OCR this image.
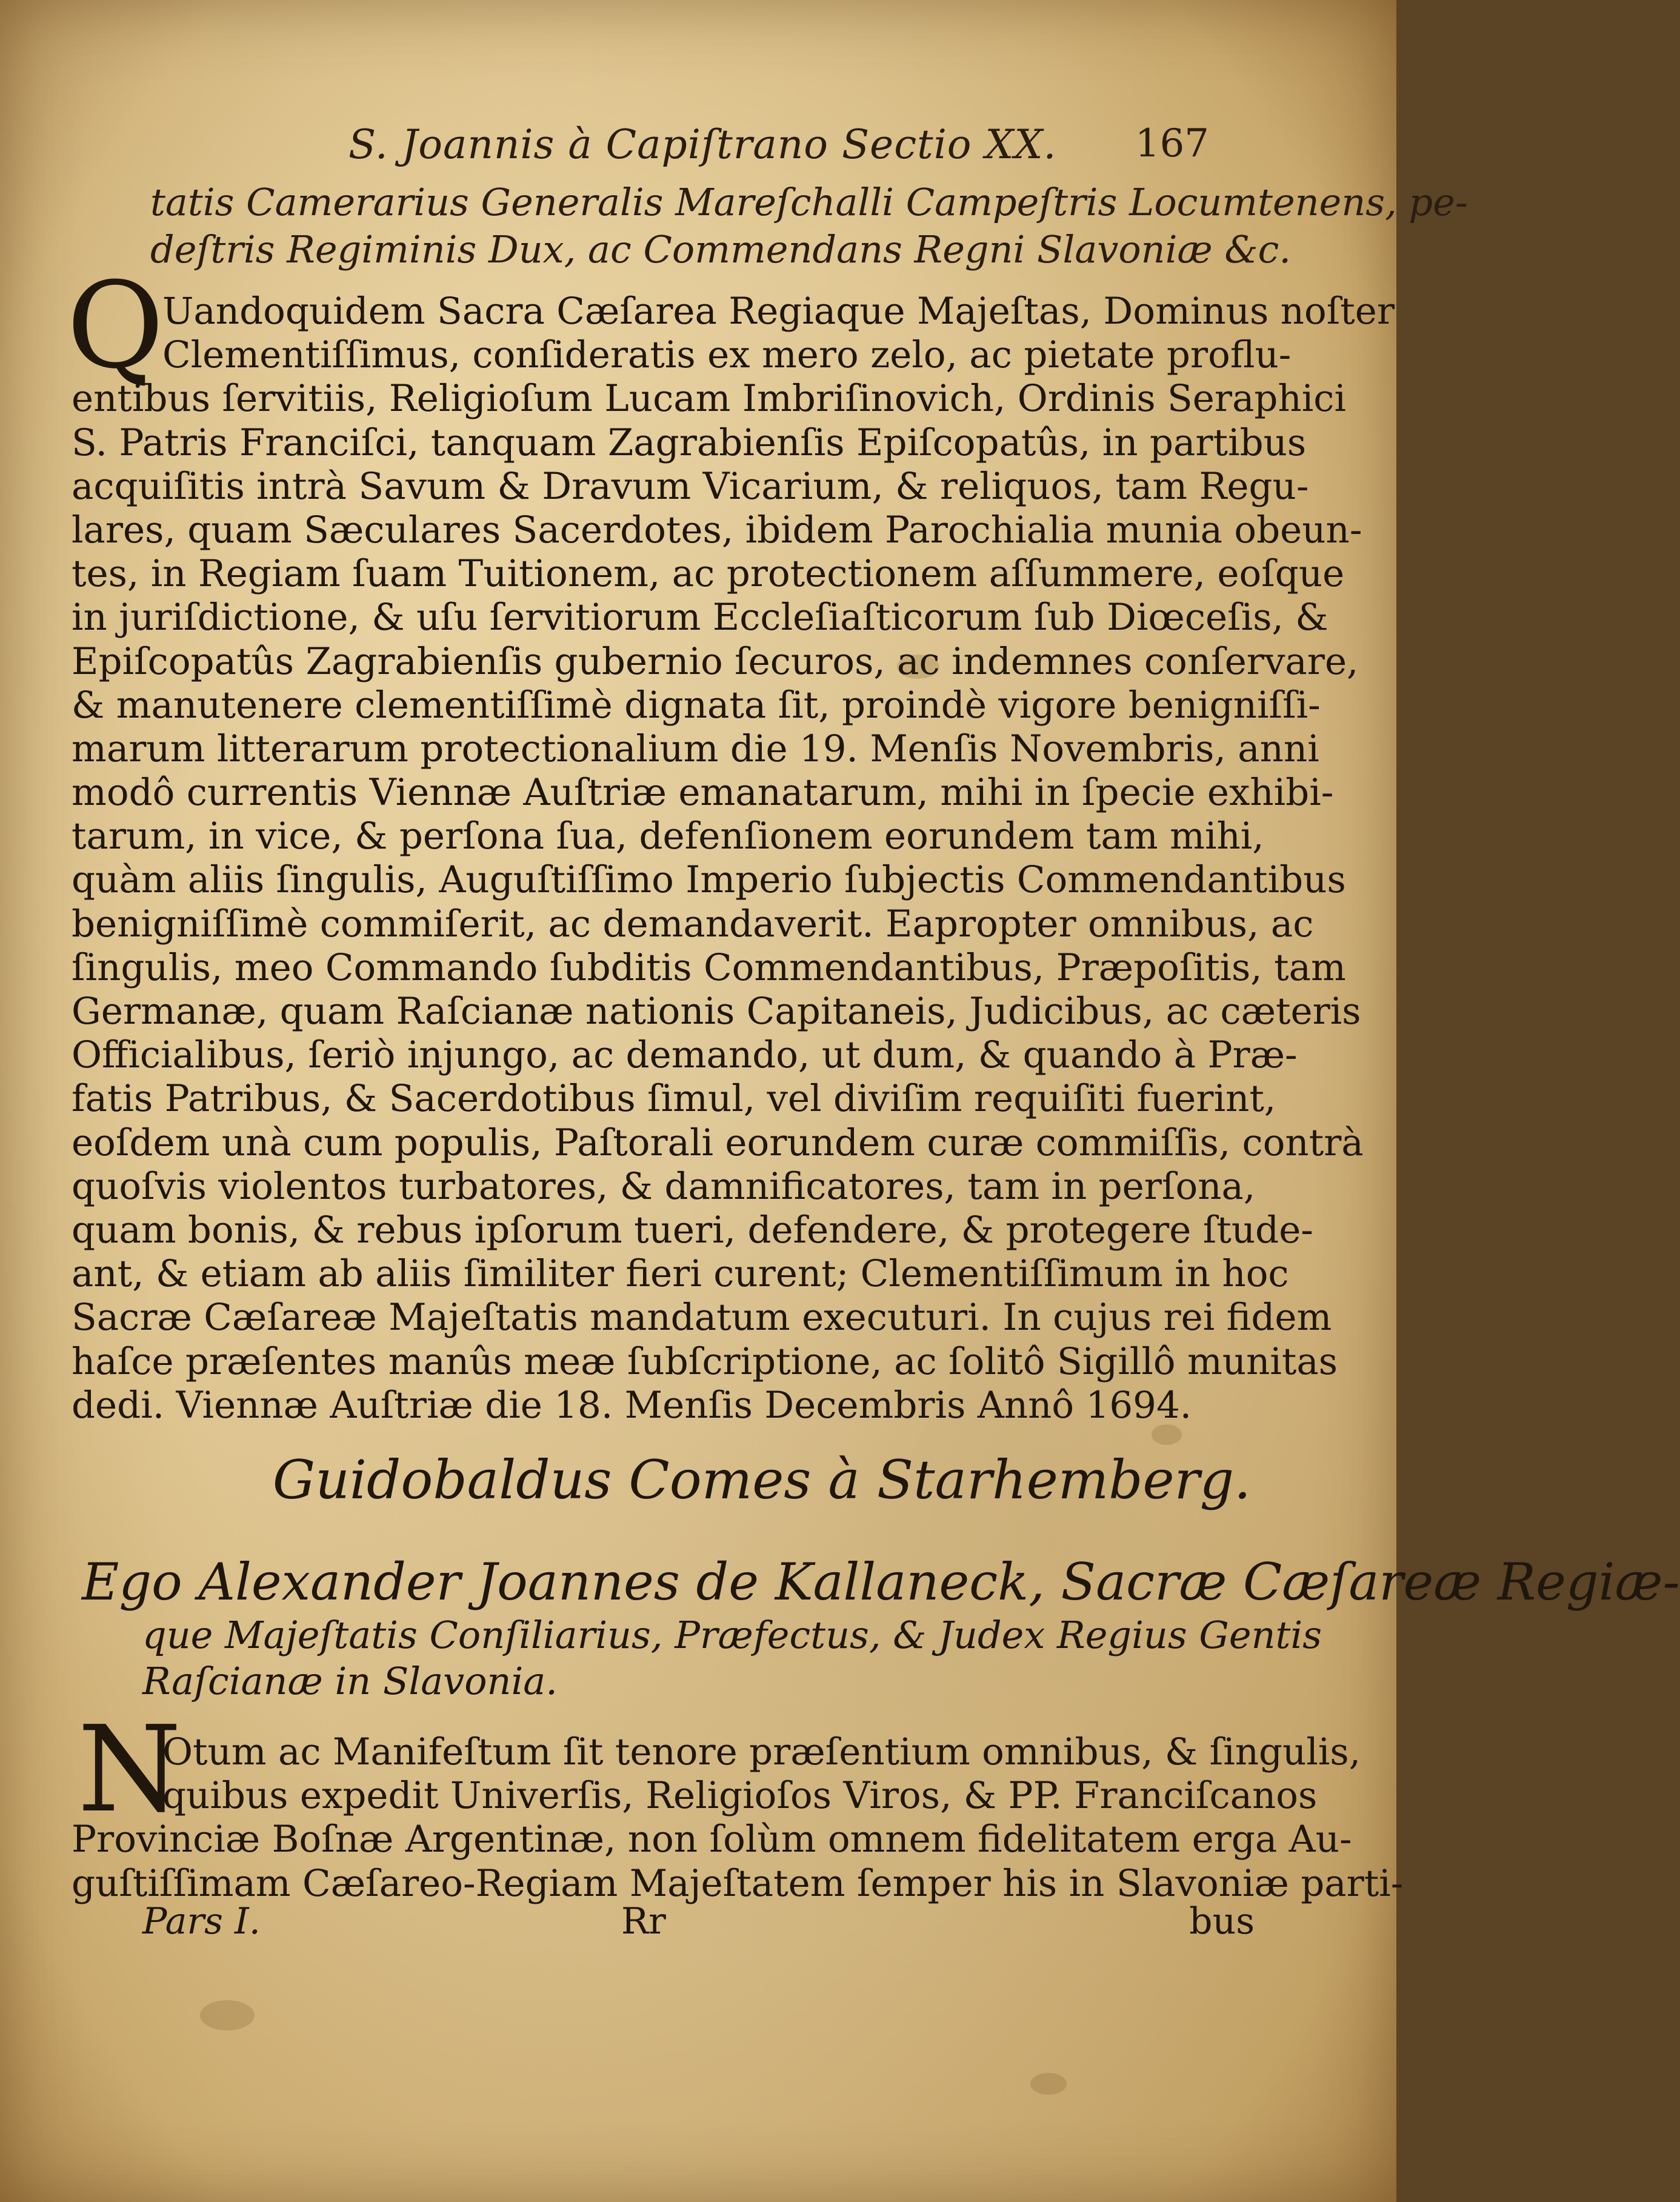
S. Joannis à Capiſtrano Sectio XX. 167
tatis Camerarius Generalis Mareſchalli Campeſtris Locumtenens, pe-
deſtris Regiminis Dux, ac Commendans Regni Slavoniæ &c.
Q
Uandoquidem Sacra Cæſarea Regiaque Majeſtas, Dominus noſter
Clementiſſimus, conſideratis ex mero zelo, ac pietate proflu-
entibus ſervitiis, Religioſum Lucam Imbriſinovich, Ordinis Seraphici
S. Patris Franciſci, tanquam Zagrabienſis Epiſcopatûs, in partibus
acquiſitis intrà Savum & Dravum Vicarium, & reliquos, tam Regu-
lares, quam Sæculares Sacerdotes, ibidem Parochialia munia obeun-
tes, in Regiam ſuam Tuitionem, ac protectionem aſſummere, eoſque
in juriſdictione, & uſu ſervitiorum Eccleſiaſticorum ſub Diœceſis, &
Epiſcopatûs Zagrabienſis gubernio ſecuros, ac indemnes conſervare,
& manutenere clementiſſimè dignata ſit, proindè vigore benigniſſi-
marum litterarum protectionalium die 19. Menſis Novembris, anni
modô currentis Viennæ Auſtriæ emanatarum, mihi in ſpecie exhibi-
tarum, in vice, & perſona ſua, defenſionem eorundem tam mihi,
quàm aliis ſingulis, Auguſtiſſimo Imperio ſubjectis Commendantibus
benigniſſimè commiſerit, ac demandaverit. Eapropter omnibus, ac
ſingulis, meo Commando ſubditis Commendantibus, Præpoſitis, tam
Germanæ, quam Raſcianæ nationis Capitaneis, Judicibus, ac cæteris
Officialibus, ſeriò injungo, ac demando, ut dum, & quando à Præ-
fatis Patribus, & Sacerdotibus ſimul, vel diviſim requiſiti fuerint,
eoſdem unà cum populis, Paſtorali eorundem curæ commiſſis, contrà
quoſvis violentos turbatores, & damnificatores, tam in perſona,
quam bonis, & rebus ipſorum tueri, defendere, & protegere ſtude-
ant, & etiam ab aliis ſimiliter fieri curent; Clementiſſimum in hoc
Sacræ Cæſareæ Majeſtatis mandatum executuri. In cujus rei fidem
haſce præſentes manûs meæ ſubſcriptione, ac ſolitô Sigillô munitas
dedi. Viennæ Auſtriæ die 18. Menſis Decembris Annô 1694.
Guidobaldus Comes à Starhemberg.
Ego Alexander Joannes de Kallaneck, Sacræ Cæſareæ Regiæ-
que Majeſtatis Conſiliarius, Præfectus, & Judex Regius Gentis
Raſcianæ in Slavonia.
N
Otum ac Manifeſtum ſit tenore præſentium omnibus, & ſingulis,
quibus expedit Univerſis, Religioſos Viros, & PP. Franciſcanos
Provinciæ Boſnæ Argentinæ, non ſolùm omnem fidelitatem erga Au-
guſtiſſimam Cæſareo-Regiam Majeſtatem ſemper his in Slavoniæ parti-
Pars I.	Rr	bus
